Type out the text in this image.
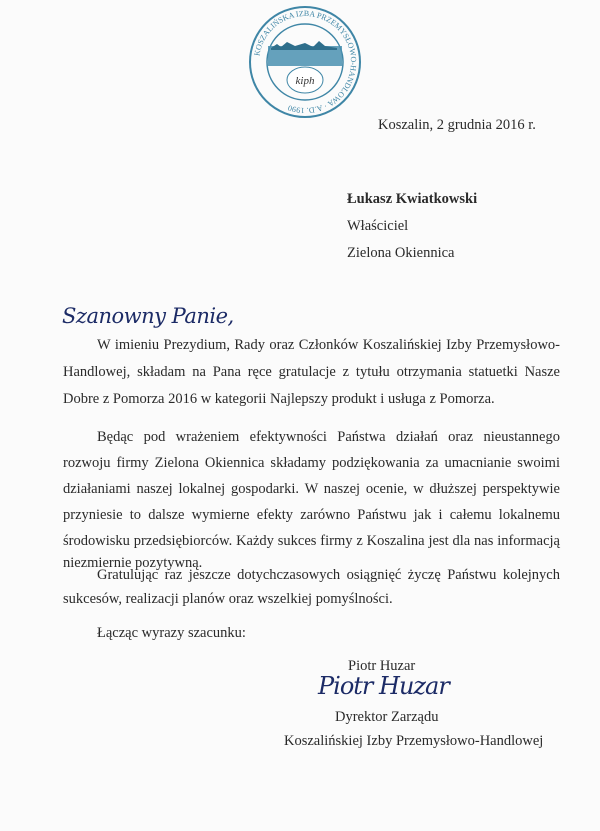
KOSZALIŃSKA IZBA PRZEMYSŁOWO-HANDLOWA · A.D. 1990
kiph
Koszalin, 2 grudnia 2016 r.
Łukasz Kwiatkowski
Właściciel
Zielona Okiennica
Szanowny Panie,
W imieniu Prezydium, Rady oraz Członków Koszalińskiej Izby Przemysłowo-
Handlowej, składam na Pana ręce gratulacje z tytułu otrzymania statuetki Nasze
Dobre z Pomorza 2016 w kategorii Najlepszy produkt i usługa z Pomorza.
Będąc pod wrażeniem efektywności Państwa działań oraz nieustannego
rozwoju firmy Zielona Okiennica składamy podziękowania za umacnianie swoimi
działaniami naszej lokalnej gospodarki. W naszej ocenie, w dłuższej perspektywie
przyniesie to dalsze wymierne efekty zarówno Państwu jak i całemu lokalnemu
środowisku przedsiębiorców. Każdy sukces firmy z Koszalina jest dla nas informacją
niezmiernie pozytywną.
Gratulując raz jeszcze dotychczasowych osiągnięć życzę Państwu kolejnych
sukcesów, realizacji planów oraz wszelkiej pomyślności.
Łącząc wyrazy szacunku:
Piotr Huzar
Piotr Huzar
Dyrektor Zarządu
Koszalińskiej Izby Przemysłowo-Handlowej
